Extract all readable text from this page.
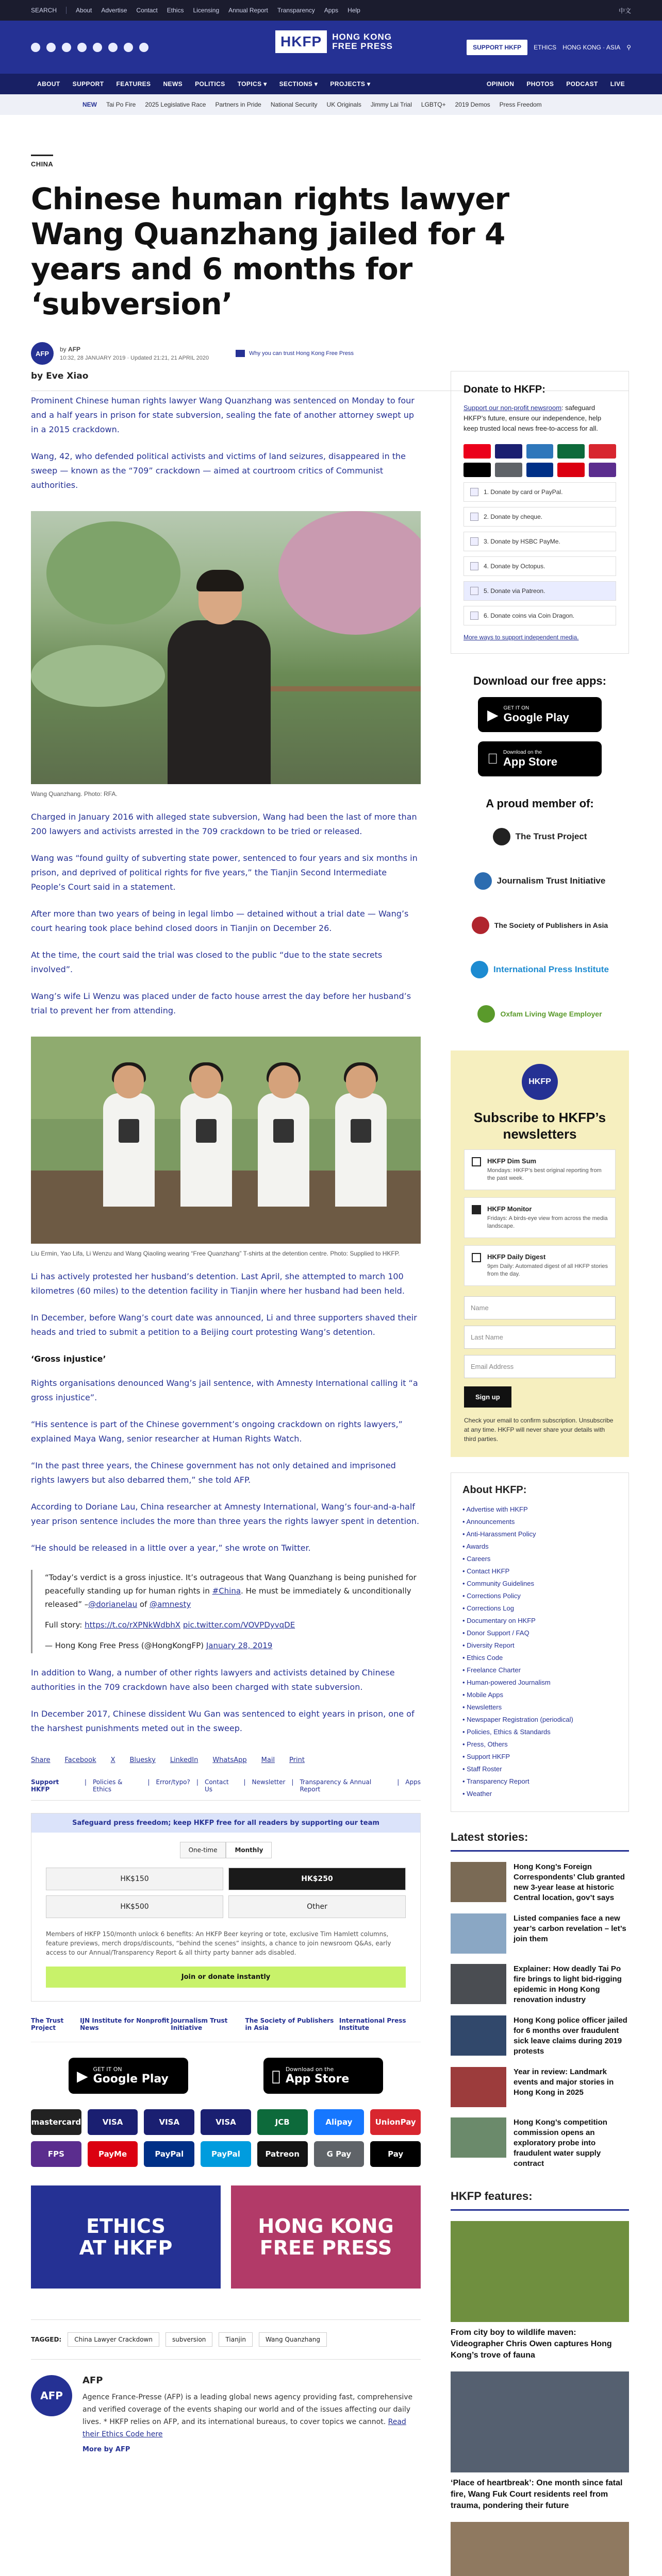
SEARCH	About Advertise Contact Ethics Licensing Annual Report Transparency Apps Help	中文
HKFP	HONG KONG
FREE PRESS	SUPPORT HKFP	ETHICS HONG KONG · ASIA ⚲
ABOUT	SUPPORT	FEATURES	NEWS	POLITICS	TOPICS ▾	SECTIONS ▾	PROJECTS ▾	OPINION	PHOTOS	PODCAST	LIVE
NEW Tai Po Fire 2025 Legislative Race Partners in Pride National Security UK Originals Jimmy Lai Trial LGBTQ+ 2019 Demos Press Freedom
CHINA
Chinese human rights lawyer Wang Quanzhang jailed for 4 years and 6 months for ‘subversion’
AFP
by AFP
10:32, 28 JANUARY 2019 · Updated 21:21, 21 APRIL 2020
Why you can trust Hong Kong Free Press
by Eve Xiao

Prominent Chinese human rights lawyer Wang Quanzhang was sentenced on Monday to four and a half years in prison for state subversion, sealing the fate of another attorney swept up in a 2015 crackdown.

Wang, 42, who defended political activists and victims of land seizures, disappeared in the sweep — known as the “709” crackdown — aimed at courtroom critics of Communist authorities.

Wang Quanzhang. Photo: RFA.

Charged in January 2016 with alleged state subversion, Wang had been the last of more than 200 lawyers and activists arrested in the 709 crackdown to be tried or released.

Wang was “found guilty of subverting state power, sentenced to four years and six months in prison, and deprived of political rights for five years,” the Tianjin Second Intermediate People’s Court said in a statement.

After more than two years of being in legal limbo — detained without a trial date — Wang’s court hearing took place behind closed doors in Tianjin on December 26.

At the time, the court said the trial was closed to the public “due to the state secrets involved”.

Wang’s wife Li Wenzu was placed under de facto house arrest the day before her husband’s trial to prevent her from attending.

Liu Ermin, Yao Lifa, Li Wenzu and Wang Qiaoling wearing “Free Quanzhang” T-shirts at the detention centre. Photo: Supplied to HKFP.

Li has actively protested her husband’s detention. Last April, she attempted to march 100 kilometres (60 miles) to the detention facility in Tianjin where her husband had been held.

In December, before Wang’s court date was announced, Li and three supporters shaved their heads and tried to submit a petition to a Beijing court protesting Wang’s detention.

‘Gross injustice’

Rights organisations denounced Wang’s jail sentence, with Amnesty International calling it “a gross injustice”.

“His sentence is part of the Chinese government’s ongoing crackdown on rights lawyers,” explained Maya Wang, senior researcher at Human Rights Watch.

“In the past three years, the Chinese government has not only detained and imprisoned rights lawyers but also debarred them,” she told AFP.

According to Doriane Lau, China researcher at Amnesty International, Wang’s four-and-a-half year prison sentence includes the more than three years the rights lawyer spent in detention.

“He should be released in a little over a year,” she wrote on Twitter.

“Today’s verdict is a gross injustice. It’s outrageous that Wang Quanzhang is being punished for peacefully standing up for human rights in #China. He must be immediately & unconditionally released” –@dorianelau of @amnesty
Full story: https://t.co/rXPNkWdbhX pic.twitter.com/VOVPDyvqDE
— Hong Kong Free Press (@HongKongFP) January 28, 2019

In addition to Wang, a number of other rights lawyers and activists detained by Chinese authorities in the 709 crackdown have also been charged with state subversion.

In December 2017, Chinese dissident Wu Gan was sentenced to eight years in prison, one of the harshest punishments meted out in the sweep.

Share Facebook X Bluesky LinkedIn WhatsApp Mail Print
Support HKFP
| Policies & Ethics
| Error/typo? | Contact Us
| Newsletter | Transparency & Annual Report
| Apps
Safeguard press freedom; keep HKFP free for all readers by supporting our team
One-time	Monthly
HK$150	HK$250
HK$500	Other
Members of HKFP 150/month unlock 6 benefits: An HKFP Beer keyring or tote, exclusive Tim Hamlett columns, feature previews, merch drops/discounts, “behind the scenes” insights, a chance to join newsroom Q&As, early access to our Annual/Transparency Report & all thirty party banner ads disabled.
Join or donate instantly
The Trust Project
IJN Institute for Nonprofit News
Journalism Trust Initiative
The Society of Publishers in Asia
International Press Institute
▶ GET IT ON
Google Play
Download on the
App Store
mastercard	VISA	VISA	VISA	JCB	Alipay	UnionPay
FPS	PayMe	PayPal	PayPal	Patreon	G Pay	Pay
ETHICS
AT HKFP
HONG KONG
FREE PRESS
TAGGED:	China Lawyer Crackdown	subversion	Tianjin	Wang Quanzhang
AFP
AFP
Agence France-Presse (AFP) is a leading global news agency providing fast, comprehensive and verified coverage of the events shaping our world and of the issues affecting our daily lives. * HKFP relies on AFP, and its international bureaus, to cover topics we cannot. Read their Ethics Code here
More by AFP
Donate to HKFP:
Support our non-profit newsroom: safeguard HKFP’s future, ensure our independence, help keep trusted local news free-to-access for all.
1. Donate by card or PayPal.
2. Donate by cheque.
3. Donate by HSBC PayMe.
4. Donate by Octopus.
5. Donate via Patreon.
6. Donate coins via Coin Dragon.
More ways to support independent media.
Download our free apps:
▶ GET IT ON
Google Play
Download on the
App Store
A proud member of:
The Trust Project
Journalism Trust Initiative
The Society of Publishers in Asia
International Press Institute
Oxfam Living Wage Employer
HKFP
Subscribe to HKFP’s newsletters
HKFP Dim Sum
Mondays: HKFP’s best original reporting from the past week.
HKFP Monitor
Fridays: A birds-eye view from across the media landscape.
HKFP Daily Digest
9pm Daily: Automated digest of all HKFP stories from the day.
Name
Last Name
Email Address
Sign up
Check your email to confirm subscription. Unsubscribe at any time. HKFP will never share your details with third parties.
About HKFP:
• Advertise with HKFP
• Announcements
• Anti-Harassment Policy
• Awards
• Careers
• Contact HKFP
• Community Guidelines
• Corrections Policy
• Corrections Log
• Documentary on HKFP
• Donor Support / FAQ
• Diversity Report
• Ethics Code
• Freelance Charter
• Human-powered Journalism
• Mobile Apps
• Newsletters
• Newspaper Registration (periodical)
• Policies, Ethics & Standards
• Press, Others
• Support HKFP
• Staff Roster
• Transparency Report
• Weather
Latest stories:
Hong Kong’s Foreign Correspondents’ Club granted new 3-year lease at historic Central location, gov’t says
Listed companies face a new year’s carbon revelation – let’s join them
Explainer: How deadly Tai Po fire brings to light bid-rigging epidemic in Hong Kong renovation industry
Hong Kong police officer jailed for 6 months over fraudulent sick leave claims during 2019 protests
Year in review: Landmark events and major stories in Hong Kong in 2025
Hong Kong’s competition commission opens an exploratory probe into fraudulent water supply contract
HKFP features:
From city boy to wildlife maven: Videographer Chris Owen captures Hong Kong’s trove of fauna
‘Place of heartbreak’: One month since fatal fire, Wang Fuk Court residents reel from trauma, pondering their future
